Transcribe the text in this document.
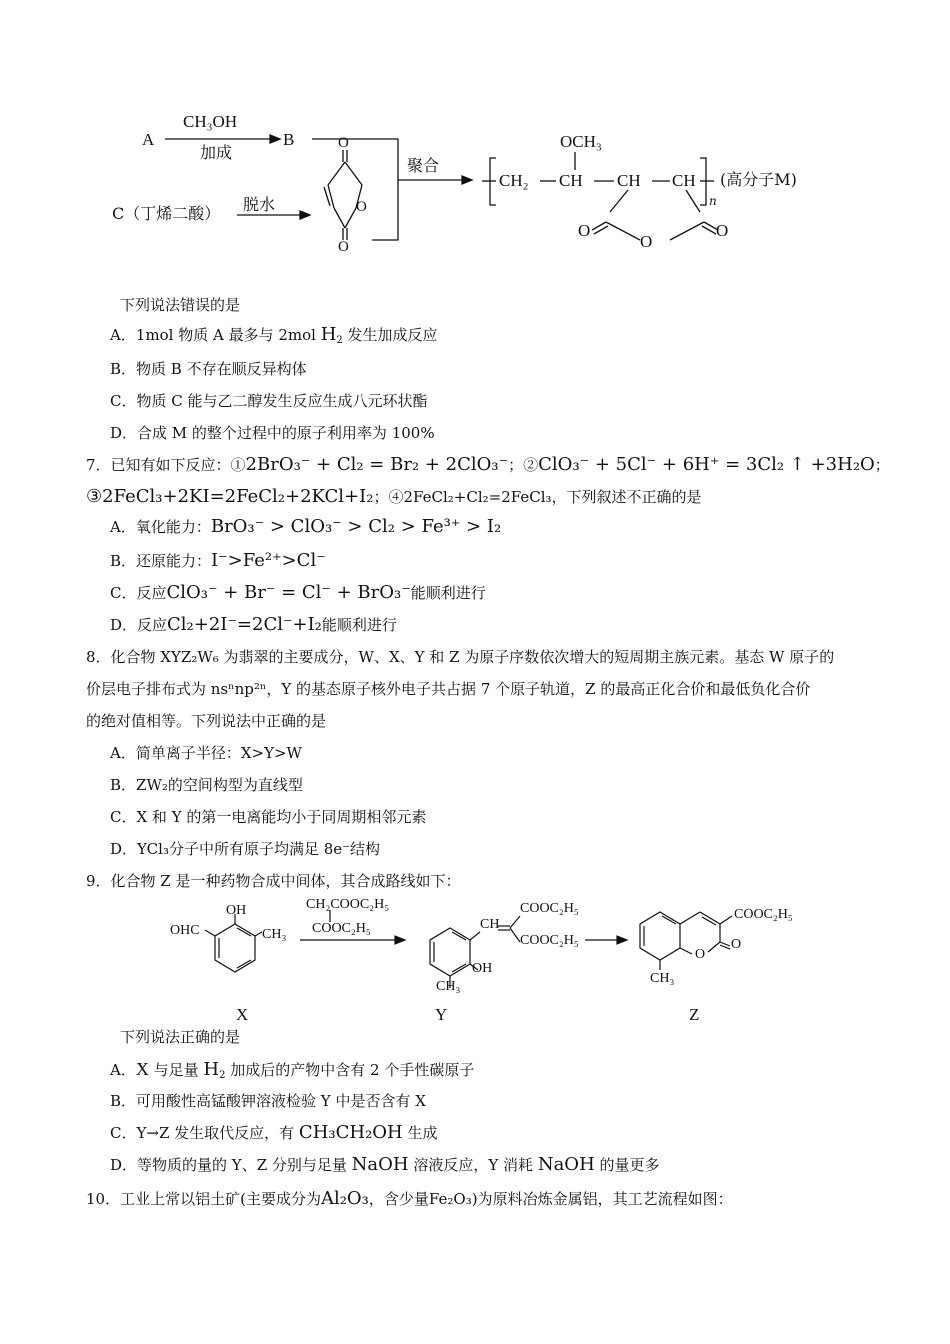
A
CH₃OH
加成
B
C（丁烯二酸） 脱水
聚合
O
O
O
OCH₃
CH₂ CH CH CH
O
O
O
n
(高分子M)
下列说法错误的是
A．1mol 物质 A 最多与 2mol $H_2$ 发生加成反应
B．物质 B 不存在顺反异构体
C．物质 C 能与乙二醇发生反应生成八元环状酯
D．合成 M 的整个过程中的原子利用率为 100%
7．已知有如下反应：①2BrO₃⁻ + Cl₂ = Br₂ + 2ClO₃⁻；②ClO₃⁻ + 5Cl⁻ + 6H⁺ = 3Cl₂ ↑ +3H₂O；
③2FeCl₃+2KI=2FeCl₂+2KCl+I₂；④2FeCl₂+Cl₂=2FeCl₃，下列叙述不正确的是
A．氧化能力：BrO₃⁻ > ClO₃⁻ > Cl₂ > Fe³⁺ > I₂
B．还原能力：I⁻>Fe²⁺>Cl⁻
C．反应ClO₃⁻ + Br⁻ = Cl⁻ + BrO₃⁻能顺利进行
D．反应Cl₂+2I⁻=2Cl⁻+I₂能顺利进行
8．化合物 XYZ₂W₆ 为翡翠的主要成分，W、X、Y 和 Z 为原子序数依次增大的短周期主族元素。基态 W 原子的
价层电子排布式为 nsⁿnp²ⁿ，Y 的基态原子核外电子共占据 7 个原子轨道，Z 的最高正化合价和最低负化合价
的绝对值相等。下列说法中正确的是
A．简单离子半径：X>Y>W
B．ZW₂的空间构型为直线型
C．X 和 Y 的第一电离能均小于同周期相邻元素
D．YCl₃分子中所有原子均满足 8e⁻结构
9．化合物 Z 是一种药物合成中间体，其合成路线如下：
OH
OHC	CH₃
CH₂COOC₂H₅
COOC₂H₅	CH
COOC₂H₅
COOC₂H₅
OH
CH₃
COOC₂H₅
O
O
CH₃
X	Y	Z
下列说法正确的是
A．X 与足量 $H_2$ 加成后的产物中含有 2 个手性碳原子
B．可用酸性高锰酸钾溶液检验 Y 中是否含有 X
C．Y→Z 发生取代反应，有 CH₃CH₂OH 生成
D．等物质的量的 Y、Z 分别与足量 NaOH 溶液反应，Y 消耗 NaOH 的量更多
10．工业上常以铝土矿(主要成分为Al₂O₃，含少量Fe₂O₃)为原料冶炼金属铝，其工艺流程如图：
